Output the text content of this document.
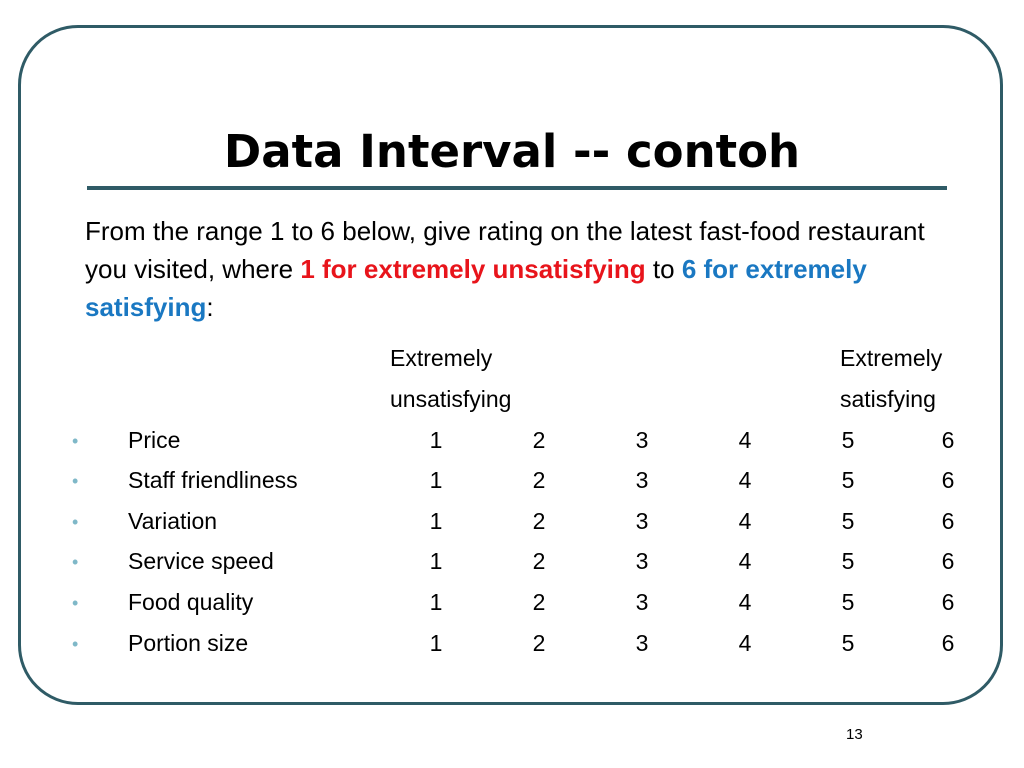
Data Interval -- contoh

From the range 1 to 6 below, give rating on the latest fast-food restaurant you visited, where 1 for extremely unsatisfying to 6 for extremely satisfying:

Extremely
unsatisfying
Extremely
satisfying
• Price	1	2	3	4	5	6
• Staff friendliness	1	2	3	4	5	6
• Variation	1	2	3	4	5	6
• Service speed	1	2	3	4	5	6
• Food quality	1	2	3	4	5	6
• Portion size	1	2	3	4	5	6
13
